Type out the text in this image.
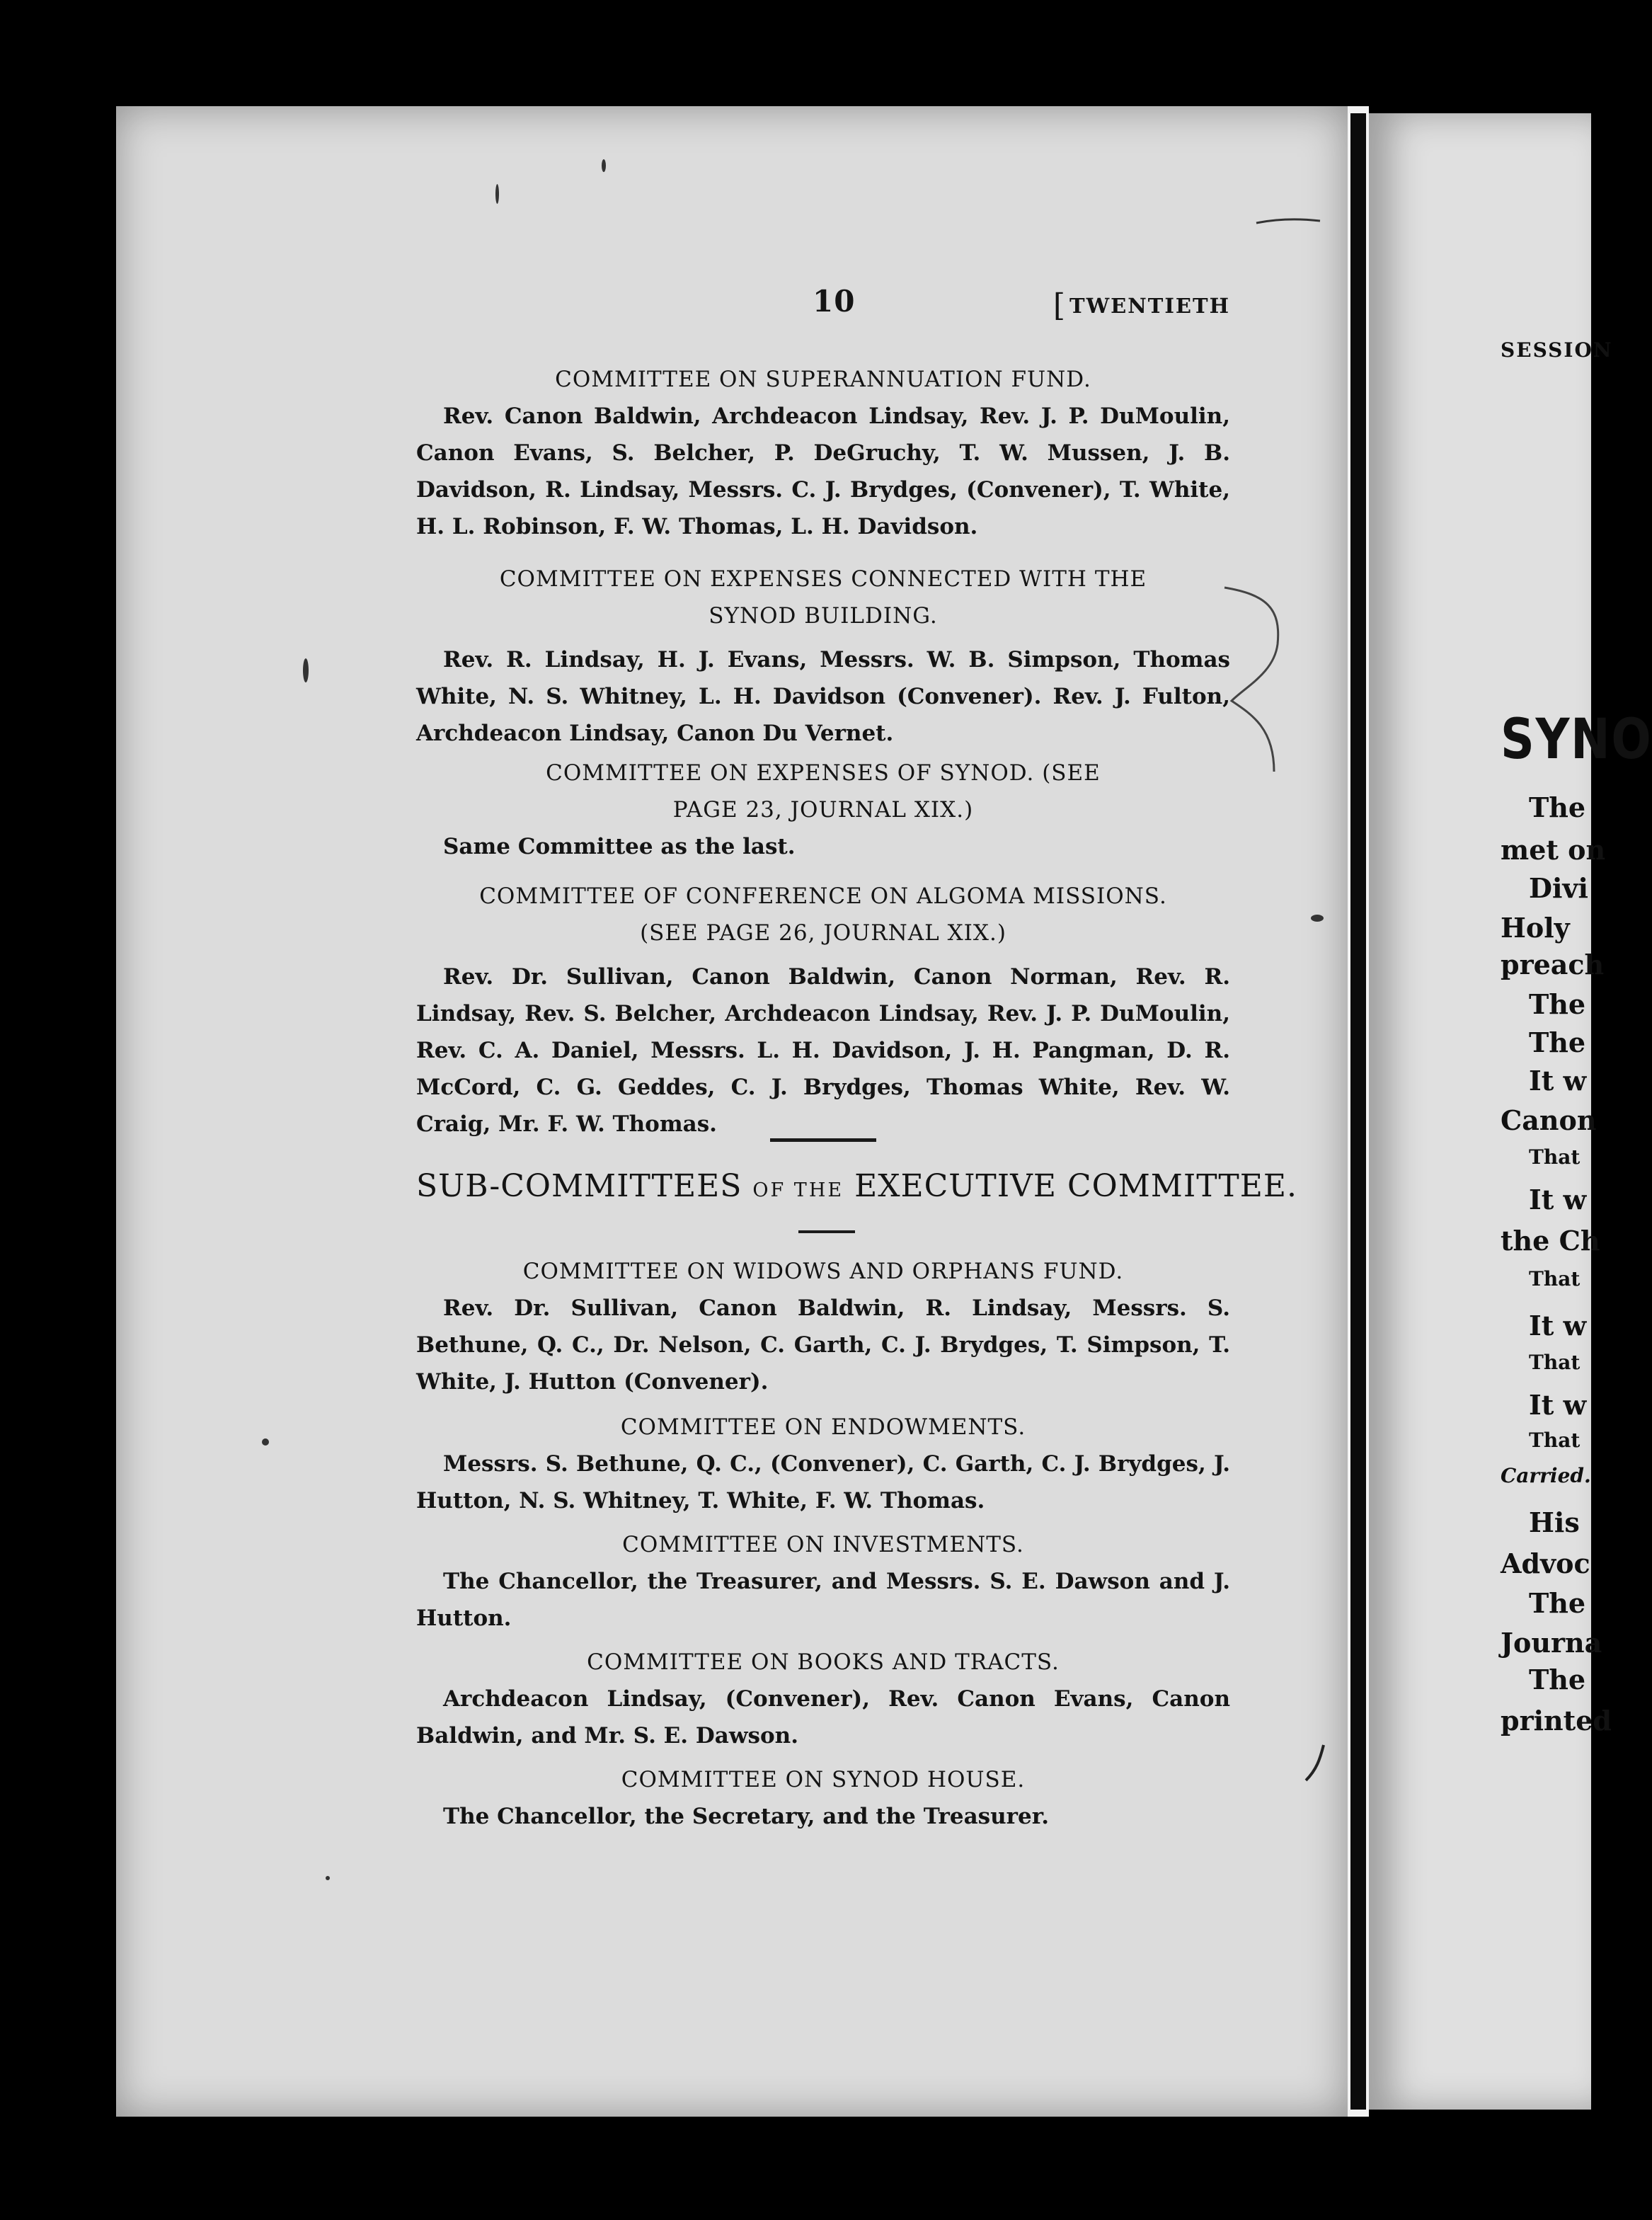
10	[ TWENTIETH
COMMITTEE ON SUPERANNUATION FUND.
Rev. Canon Baldwin, Archdeacon Lindsay, Rev. J. P. DuMoulin, Canon Evans, S. Belcher, P. DeGruchy, T. W. Mussen, J. B. Davidson, R. Lindsay, Messrs. C. J. Brydges, (Convener), T. White, H. L. Robinson, F. W. Thomas, L. H. Davidson.
COMMITTEE ON EXPENSES CONNECTED WITH THE SYNOD BUILDING.
Rev. R. Lindsay, H. J. Evans, Messrs. W. B. Simpson, Thomas White, N. S. Whitney, L. H. Davidson (Convener). Rev. J. Fulton, Archdeacon Lindsay, Canon Du Vernet.
COMMITTEE ON EXPENSES OF SYNOD. (SEE PAGE 23, JOURNAL XIX.)
Same Committee as the last.
COMMITTEE OF CONFERENCE ON ALGOMA MISSIONS. (SEE PAGE 26, JOURNAL XIX.)
Rev. Dr. Sullivan, Canon Baldwin, Canon Norman, Rev. R. Lindsay, Rev. S. Belcher, Archdeacon Lindsay, Rev. J. P. DuMoulin, Rev. C. A. Daniel, Messrs. L. H. Davidson, J. H. Pangman, D. R. McCord, C. G. Geddes, C. J. Brydges, Thomas White, Rev. W. Craig, Mr. F. W. Thomas.
SUB-COMMITTEES OF THE EXECUTIVE COMMITTEE.
COMMITTEE ON WIDOWS AND ORPHANS FUND.
Rev. Dr. Sullivan, Canon Baldwin, R. Lindsay, Messrs. S. Bethune, Q. C., Dr. Nelson, C. Garth, C. J. Brydges, T. Simpson, T. White, J. Hutton (Convener).
COMMITTEE ON ENDOWMENTS.
Messrs. S. Bethune, Q. C., (Convener), C. Garth, C. J. Brydges, J. Hutton, N. S. Whitney, T. White, F. W. Thomas.
COMMITTEE ON INVESTMENTS.
The Chancellor, the Treasurer, and Messrs. S. E. Dawson and J. Hutton.
COMMITTEE ON BOOKS AND TRACTS.
Archdeacon Lindsay, (Convener), Rev. Canon Evans, Canon Baldwin, and Mr. S. E. Dawson.
COMMITTEE ON SYNOD HOUSE.
The Chancellor, the Secretary, and the Treasurer.
SESSION
SYNO
The
met on
Divi
Holy
preach
The
The
It w
Canon
That
It w
the Ch
That
It w
That
It w
That
Carried.
His
Advoc
The
Journa
The
printed
